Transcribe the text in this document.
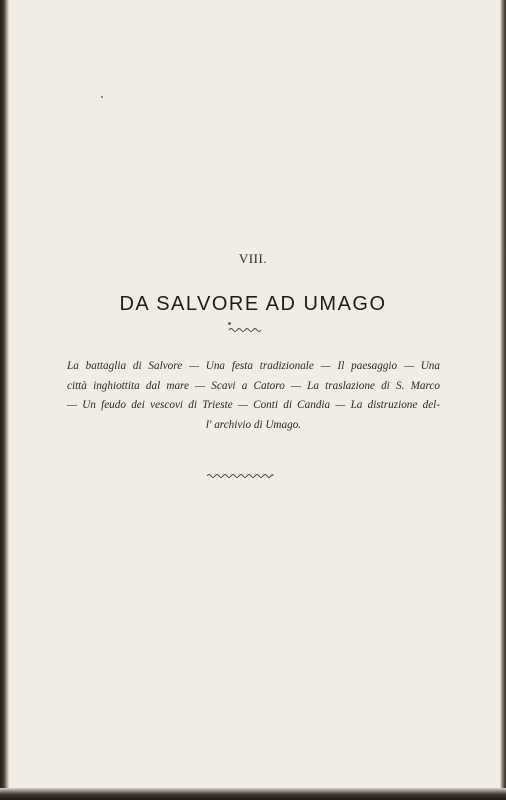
VIII.
DA SALVORE AD UMAGO
La battaglia di Salvore — Una festa tradizionale — Il paesaggio — Una
città inghiottita dal mare — Scavi a Catoro — La traslazione di S. Marco
— Un feudo dei vescovi di Trieste — Conti di Candia — La distruzione del-
l' archivio di Umago.
